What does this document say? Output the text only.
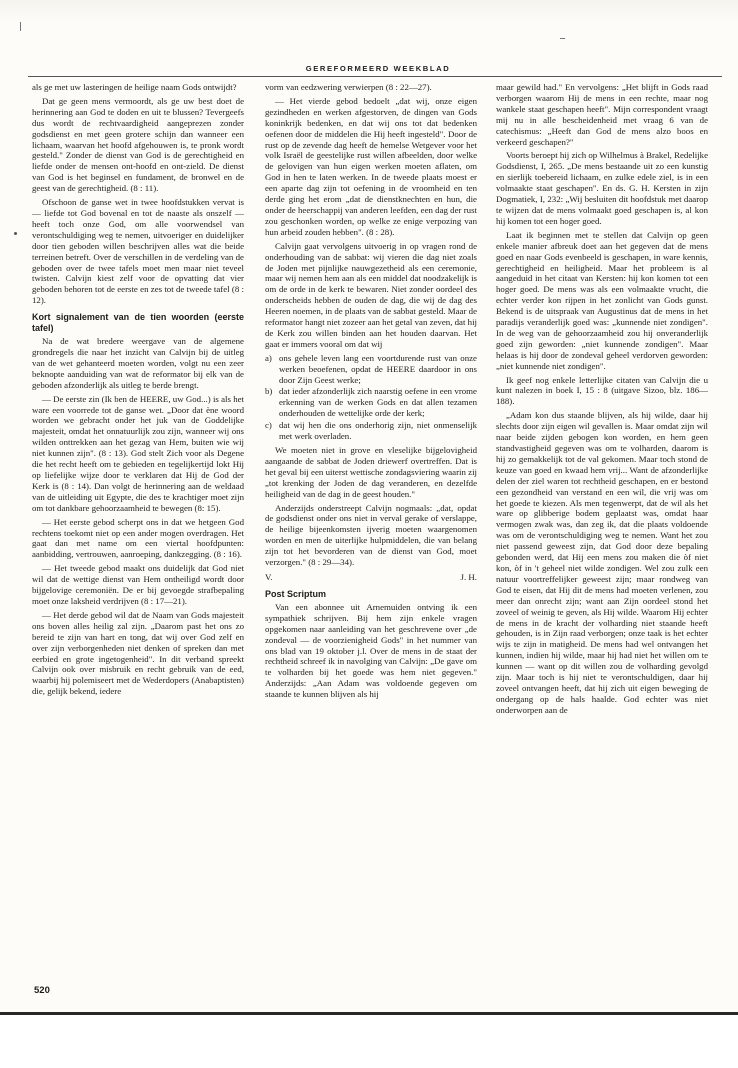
GEREFORMEERD WEEKBLAD

als ge met uw lasteringen de heilige naam Gods ontwijdt?

Dat ge geen mens vermoordt, als ge uw best doet de herinnering aan God te doden en uit te blussen? Tevergeefs dus wordt de rechtvaardigheid aangeprezen zonder godsdienst en met geen grotere schijn dan wanneer een lichaam, waarvan het hoofd afgehouwen is, te pronk wordt gesteld." Zonder de dienst van God is de gerechtigheid en liefde onder de mensen ont-hoofd en ont-zield. De dienst van God is het beginsel en fundament, de bronwel en de geest van de gerechtigheid. (8 : 11).

Ofschoon de ganse wet in twee hoofdstukken vervat is — liefde tot God bovenal en tot de naaste als onszelf — heeft toch onze God, om alle voorwendsel van verontschuldiging weg te nemen, uitvoeriger en duidelijker door tien geboden willen beschrijven alles wat die beide terreinen betreft. Over de verschillen in de verdeling van de geboden over de twee tafels moet men maar niet teveel twisten. Calvijn kiest zelf voor de opvatting dat vier geboden behoren tot de eerste en zes tot de tweede tafel (8 : 12).

Kort signalement van de tien woorden (eerste tafel)

Na de wat bredere weergave van de algemene grondregels die naar het inzicht van Calvijn bij de uitleg van de wet gehanteerd moeten worden, volgt nu een zeer beknopte aanduiding van wat de reformator bij elk van de geboden afzonderlijk als uitleg te berde brengt.

— De eerste zin (Ik ben de HEERE, uw God...) is als het ware een voorrede tot de ganse wet. „Door dat ène woord worden we gebracht onder het juk van de Goddelijke majesteit, omdat het onnatuurlijk zou zijn, wanneer wij ons wilden onttrekken aan het gezag van Hem, buiten wie wij niet kunnen zijn". (8 : 13). God stelt Zich voor als Degene die het recht heeft om te gebieden en tegelijkertijd lokt Hij op liefelijke wijze door te verklaren dat Hij de God der Kerk is (8 : 14). Dan volgt de herinnering aan de weldaad van de uitleiding uit Egypte, die des te krachtiger moet zijn om tot dankbare gehoorzaamheid te bewegen (8: 15).

— Het eerste gebod scherpt ons in dat we hetgeen God rechtens toekomt niet op een ander mogen overdragen. Het gaat dan met name om een viertal hoofdpunten: aanbidding, vertrouwen, aanroeping, dankzegging. (8 : 16).

— Het tweede gebod maakt ons duidelijk dat God niet wil dat de wettige dienst van Hem ontheiligd wordt door bijgelovige ceremoniën. De er bij gevoegde strafbepaling moet onze laksheid verdrijven (8 : 17—21).

— Het derde gebod wil dat de Naam van Gods majesteit ons boven alles heilig zal zijn. „Daarom past het ons zo bereid te zijn van hart en tong, dat wij over God zelf en over zijn verborgenheden niet denken of spreken dan met eerbied en grote ingetogenheid". In dit verband spreekt Calvijn ook over misbruik en recht gebruik van de eed, waarbij hij polemiseert met de Wederdopers (Anabaptisten) die, gelijk bekend, iedere

vorm van eedzwering verwierpen (8 : 22—27).

— Het vierde gebod bedoelt „dat wij, onze eigen gezindheden en werken afgestorven, de dingen van Gods koninkrijk bedenken, en dat wij ons tot dat bedenken oefenen door de middelen die Hij heeft ingesteld". Door de rust op de zevende dag heeft de hemelse Wetgever voor het volk Israël de geestelijke rust willen afbeelden, door welke de gelovigen van hun eigen werken moeten aflaten, om God in hen te laten werken. In de tweede plaats moest er een aparte dag zijn tot oefening in de vroomheid en ten derde ging het erom „dat de dienstknechten en hun, die onder de heerschappij van anderen leefden, een dag der rust zou geschonken worden, op welke ze enige verpozing van hun arbeid zouden hebben". (8 : 28).

Calvijn gaat vervolgens uitvoerig in op vragen rond de onderhouding van de sabbat: wij vieren die dag niet zoals de Joden met pijnlijke nauwgezetheid als een ceremonie, maar wij nemen hem aan als een middel dat noodzakelijk is om de orde in de kerk te bewaren. Niet zonder oordeel des onderscheids hebben de ouden de dag, die wij de dag des Heeren noemen, in de plaats van de sabbat gesteld. Maar de reformator hangt niet zozeer aan het getal van zeven, dat hij de Kerk zou willen binden aan het houden daarvan. Het gaat er immers vooral om dat wij

a) ons gehele leven lang een voortdurende rust van onze werken beoefenen, opdat de HEERE daardoor in ons door Zijn Geest werke;
b) dat ieder afzonderlijk zich naarstig oefene in een vrome erkenning van de werken Gods en dat allen tezamen onderhouden de wettelijke orde der kerk;
c) dat wij hen die ons onderhorig zijn, niet onmenselijk met werk overladen.

We moeten niet in grove en vleselijke bijgelovigheid aangaande de sabbat de Joden driewerf overtreffen. Dat is het geval bij een uiterst wettische zondagsviering waarin zij „tot krenking der Joden de dag veranderen, en dezelfde heiligheid van de dag in de geest houden."

Anderzijds onderstreept Calvijn nogmaals: „dat, opdat de godsdienst onder ons niet in verval gerake of verslappe, de heilige bijeenkomsten ijverig moeten waargenomen worden en men de uiterlijke hulpmiddelen, die van belang zijn tot het bevorderen van de dienst van God, moet verzorgen." (8 : 29—34).

V.	J. H.
Post Scriptum

Van een abonnee uit Arnemuiden ontving ik een sympathiek schrijven. Bij hem zijn enkele vragen opgekomen naar aanleiding van het geschrevene over „de zondeval — de voorzienigheid Gods" in het nummer van ons blad van 19 oktober j.l. Over de mens in de staat der rechtheid schreef ik in navolging van Calvijn: „De gave om te volharden bij het goede was hem niet gegeven." Anderzijds: „Aan Adam was voldoende gegeven om staande te kunnen blijven als hij

maar gewild had." En vervolgens: „Het blijft in Gods raad verborgen waarom Hij de mens in een rechte, maar nog wankele staat geschapen heeft". Mijn correspondent vraagt mij nu in alle bescheidenheid met vraag 6 van de catechismus: „Heeft dan God de mens alzo boos en verkeerd geschapen?"

Voorts beroept hij zich op Wilhelmus à Brakel, Redelijke Godsdienst, I, 265. „De mens bestaande uit zo een kunstig en sierlijk toebereid lichaam, en zulke edele ziel, is in een volmaakte staat geschapen". En ds. G. H. Kersten in zijn Dogmatiek, I, 232: „Wij besluiten dit hoofdstuk met daarop te wijzen dat de mens volmaakt goed geschapen is, al kon hij komen tot een hoger goed.

Laat ik beginnen met te stellen dat Calvijn op geen enkele manier afbreuk doet aan het gegeven dat de mens goed en naar Gods evenbeeld is geschapen, in ware kennis, gerechtigheid en heiligheid. Maar het probleem is al aangeduid in het citaat van Kersten: hij kon komen tot een hoger goed. De mens was als een volmaakte vrucht, die echter verder kon rijpen in het zonlicht van Gods gunst. Bekend is de uitspraak van Augustinus dat de mens in het paradijs veranderlijk goed was: „kunnende niet zondigen". In de weg van de gehoorzaamheid zou hij onveranderlijk goed zijn geworden: „niet kunnende zondigen". Maar helaas is hij door de zondeval geheel verdorven geworden: „niet kunnende niet zondigen".

Ik geef nog enkele letterlijke citaten van Calvijn die u kunt nalezen in boek I, 15 : 8 (uitgave Sizoo, blz. 186—188).

„Adam kon dus staande blijven, als hij wilde, daar hij slechts door zijn eigen wil gevallen is. Maar omdat zijn wil naar beide zijden gebogen kon worden, en hem geen standvastigheid gegeven was om te volharden, daarom is hij zo gemakkelijk tot de val gekomen. Maar toch stond de keuze van goed en kwaad hem vrij... Want de afzonderlijke delen der ziel waren tot rechtheid geschapen, en er bestond een gezondheid van verstand en een wil, die vrij was om het goede te kiezen. Als men tegenwerpt, dat de wil als het ware op glibberige bodem geplaatst was, omdat haar vermogen zwak was, dan zeg ik, dat die plaats voldoende was om de verontschuldiging weg te nemen. Want het zou niet passend geweest zijn, dat God door deze bepaling gebonden werd, dat Hij een mens zou maken die òf niet kon, òf in 't geheel niet wilde zondigen. Wel zou zulk een natuur voortreffelijker geweest zijn; maar rondweg van God te eisen, dat Hij dit de mens had moeten verlenen, zou meer dan onrecht zijn; want aan Zijn oordeel stond het zoveel of weinig te geven, als Hij wilde. Waarom Hij echter de mens in de kracht der volharding niet staande heeft gehouden, is in Zijn raad verborgen; onze taak is het echter wijs te zijn in matigheid. De mens had wel ontvangen het kunnen, indien hij wilde, maar hij had niet het willen om te kunnen — want op dit willen zou de volharding gevolgd zijn. Maar toch is hij niet te verontschuldigen, daar hij zoveel ontvangen heeft, dat hij zich uit eigen beweging de ondergang op de hals haalde. God echter was niet onderworpen aan de

520
